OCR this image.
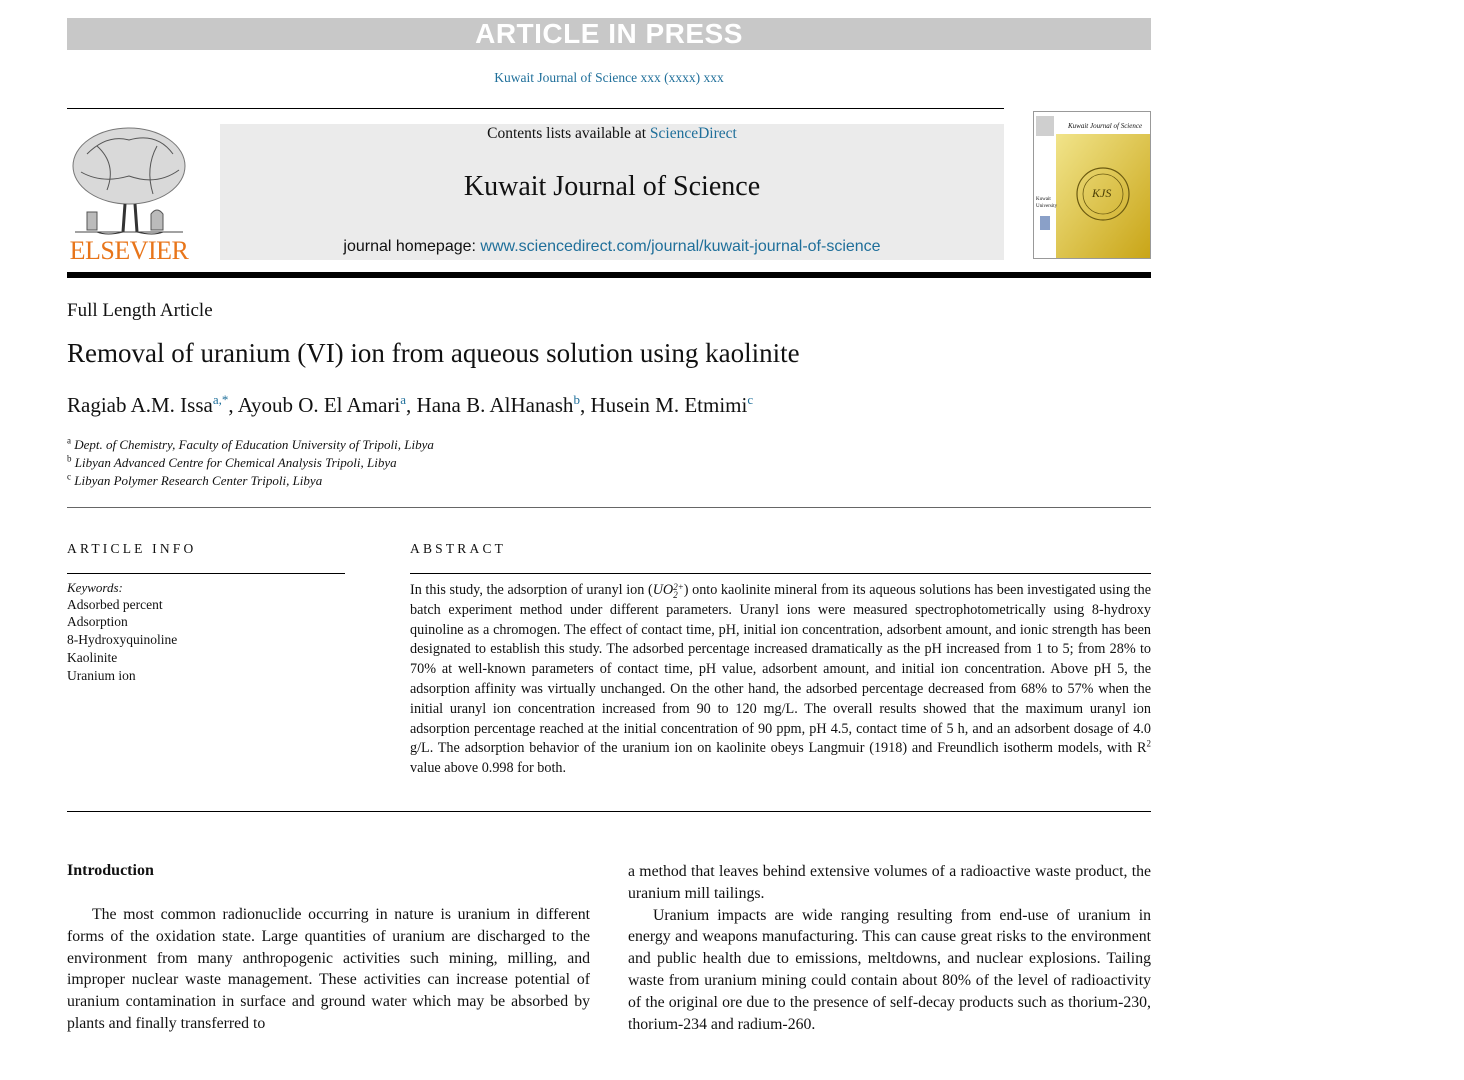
ARTICLE IN PRESS
Kuwait Journal of Science xxx (xxxx) xxx
ELSEVIER
Contents lists available at ScienceDirect
Kuwait Journal of Science
journal homepage: www.sciencedirect.com/journal/kuwait-journal-of-science
Kuwait Journal of Science
KJS
Kuwait
University
Full Length Article
Removal of uranium (VI) ion from aqueous solution using kaolinite
Ragiab A.M. Issa$^{a,*}$, Ayoub O. El Amari$^a$, Hana B. AlHanash$^b$, Husein M. Etmimi$^c$
$^a$ Dept. of Chemistry, Faculty of Education University of Tripoli, Libya
$^b$ Libyan Advanced Centre for Chemical Analysis Tripoli, Libya
$^c$ Libyan Polymer Research Center Tripoli, Libya
ARTICLE INFO	ABSTRACT
Keywords:
Adsorbed percent
Adsorption
8-Hydroxyquinoline
Kaolinite
Uranium ion
In this study, the adsorption of uranyl ion (UO 2+
2 ) onto kaolinite mineral from its aqueous solutions has been investigated using the batch experiment method under different parameters. Uranyl ions were measured spectrophotometrically using 8-hydroxy quinoline as a chromogen. The effect of contact time, pH, initial ion concentration, adsorbent amount, and ionic strength has been designated to establish this study. The adsorbed percentage increased dramatically as the pH increased from 1 to 5; from 28% to 70% at well-known parameters of contact time, pH value, adsorbent amount, and initial ion concentration. Above pH 5, the adsorption affinity was virtually unchanged. On the other hand, the adsorbed percentage decreased from 68% to 57% when the initial uranyl ion concentration increased from 90 to 120 mg/L. The overall results showed that the maximum uranyl ion adsorption percentage reached at the initial concentration of 90 ppm, pH 4.5, contact time of 5 h, and an adsorbent dosage of 4.0 g/L. The adsorption behavior of the uranium ion on kaolinite obeys Langmuir (1918) and Freundlich isotherm models, with $R^2$ value above 0.998 for both.
Introduction
The most common radionuclide occurring in nature is uranium in different forms of the oxidation state. Large quantities of uranium are discharged to the environment from many anthropogenic activities such mining, milling, and improper nuclear waste management. These activities can increase potential of uranium contamination in surface and ground water which may be absorbed by plants and finally transferred to
a method that leaves behind extensive volumes of a radioactive waste product, the uranium mill tailings.
Uranium impacts are wide ranging resulting from end-use of uranium in energy and weapons manufacturing. This can cause great risks to the environment and public health due to emissions, meltdowns, and nuclear explosions. Tailing waste from uranium mining could contain about 80% of the level of radioactivity of the original ore due to the presence of self-decay products such as thorium-230, thorium-234 and radium-260.
